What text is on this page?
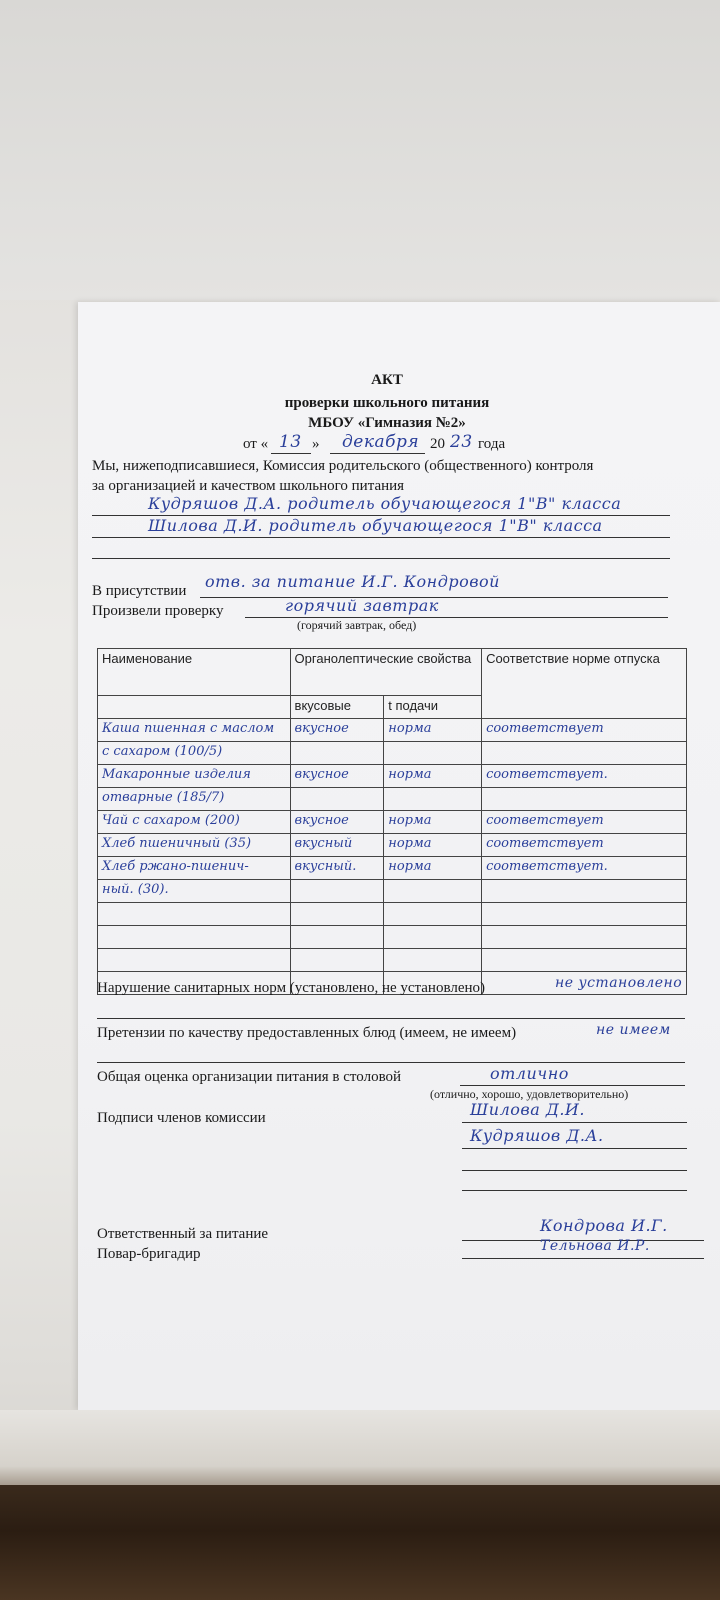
АКТ
проверки школьного питания
МБОУ «Гимназия №2»
от « 13 » декабря 20 23 года
Мы, нижеподписавшиеся, Комиссия родительского (общественного) контроля
за организацией и качеством школьного питания
Кудряшов Д.А. родитель обучающегося 1"В" класса
Шилова Д.И. родитель обучающегося 1"В" класса
В присутствии отв. за питание И.Г. Кондровой
Произвели проверку	горячий завтрак
(горячий завтрак, обед)
Наименование	Органолептические свойства		Соответствие норме отпуска

	вкусовые	t подачи	
Каша пшенная с маслом	вкусное	норма	соответствует
с сахаром (100/5)			
Макаронные изделия	вкусное	норма	соответствует.
отварные (185/7)			
Чай с сахаром (200)	вкусное	норма	соответствует
Хлеб пшеничный (35)	вкусный	норма	соответствует
Хлеб ржано-пшенич-	вкусный.	норма	соответствует.
ный. (30).			

Нарушение санитарных норм (установлено, не установлено)	не установлено
Претензии по качеству предоставленных блюд (имеем, не имеем)	не имеем
Общая оценка организации питания в столовой	отлично
(отлично, хорошо, удовлетворительно)
Подписи членов комиссии	Шилова Д.И.
Кудряшов Д.А.
Ответственный за питание	Кондрова И.Г.
Повар-бригадир	Тельнова И.Р.
